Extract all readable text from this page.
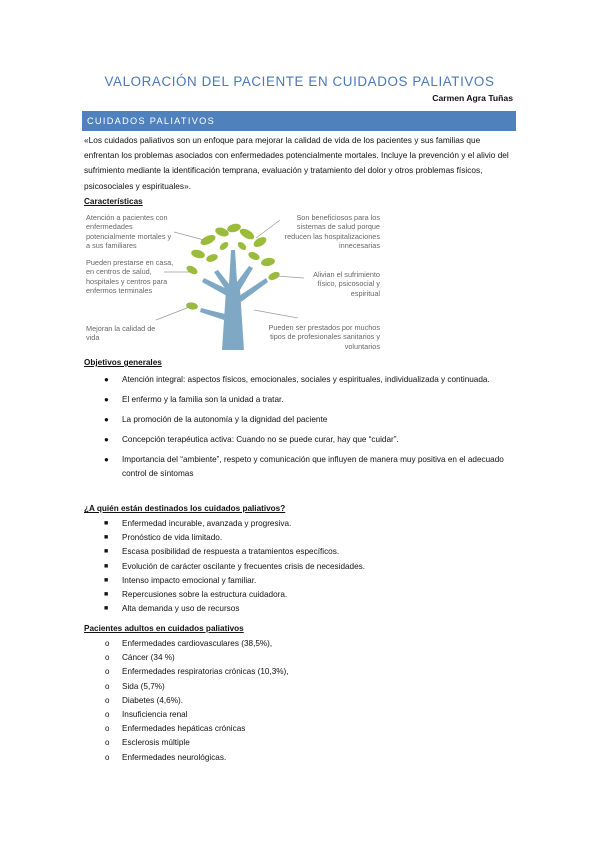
VALORACIÓN DEL PACIENTE EN CUIDADOS PALIATIVOS
Carmen Agra Tuñas
CUIDADOS PALIATIVOS
«Los cuidados paliativos son un enfoque para mejorar la calidad de vida de los pacientes y sus familias que enfrentan los problemas asociados con enfermedades potencialmente mortales. Incluye la prevención y el alivio del sufrimiento mediante la identificación temprana, evaluación y tratamiento del dolor y otros problemas físicos, psicosociales y espirituales».
Características
Atención a pacientes con enfermedades potencialmente mortales y a sus familiares
Pueden prestarse en casa, en centros de salud, hospitales y centros para enfermos terminales
Mejoran la calidad de vida
Son beneficiosos para los sistemas de salud porque reducen las hospitalizaciones innecesarias
Alivian el sufrimiento físico, psicosocial y espiritual
Pueden ser prestados por muchos tipos de profesionales sanitarios y voluntarios
Objetivos generales
● Atención integral: aspectos físicos, emocionales, sociales y espirituales, individualizada y continuada.
● El enfermo y la familia son la unidad a tratar.
● La promoción de la autonomía y la dignidad del paciente
● Concepción terapéutica activa: Cuando no se puede curar, hay que “cuidar”.
● Importancia del “ambiente”, respeto y comunicación que influyen de manera muy positiva en el adecuado control de síntomas
¿A quién están destinados los cuidados paliativos?
■ Enfermedad incurable, avanzada y progresiva.
■ Pronóstico de vida limitado.
■ Escasa posibilidad de respuesta a tratamientos específicos.
■ Evolución de carácter oscilante y frecuentes crisis de necesidades.
■ Intenso impacto emocional y familiar.
■ Repercusiones sobre la estructura cuidadora.
■ Alta demanda y uso de recursos
Pacientes adultos en cuidados paliativos
o Enfermedades cardiovasculares (38,5%),
o Cáncer (34 %)
o Enfermedades respiratorias crónicas (10,3%),
o Sida (5,7%)
o Diabetes (4,6%).
o Insuficiencia renal
o Enfermedades hepáticas crónicas
o Esclerosis múltiple
o Enfermedades neurológicas.
